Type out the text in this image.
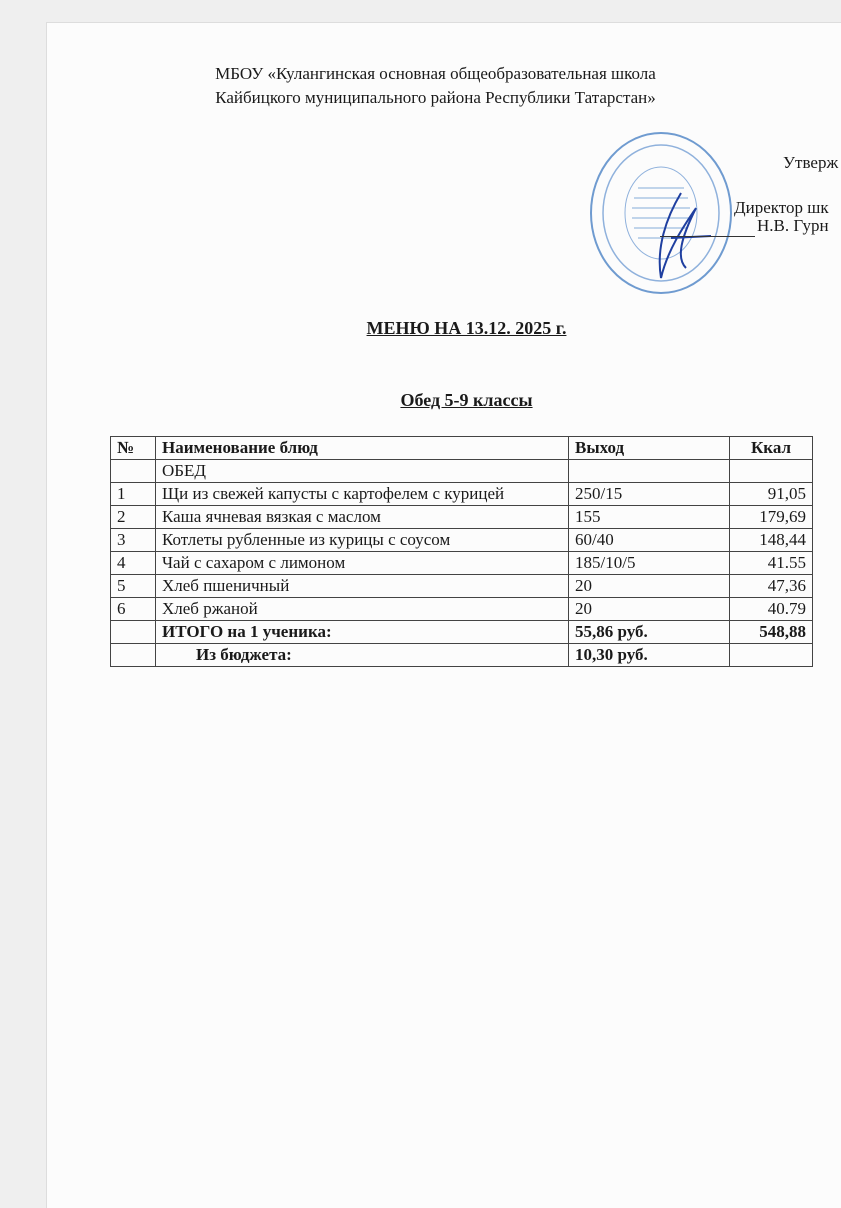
МБОУ «Кулангинская основная общеобразовательная школа
Кайбицкого муниципального района Республики Татарстан»
Утверж
Директор шк
Н.В. Гурн
МЕНЮ НА 13.12. 2025 г.
Обед 5-9 классы
№	Наименование блюд	Выход	Ккал
	ОБЕД		
1	Щи из свежей капусты с картофелем с курицей	250/15	91,05
2	Каша ячневая вязкая с маслом	155	179,69
3	Котлеты рубленные из курицы с соусом	60/40	148,44
4	Чай с сахаром с лимоном	185/10/5	41.55
5	Хлеб пшеничный	20	47,36
6	Хлеб ржаной	20	40.79
	ИТОГО на 1 ученика:	55,86 руб.	548,88
	Из бюджета:	10,30 руб.	
